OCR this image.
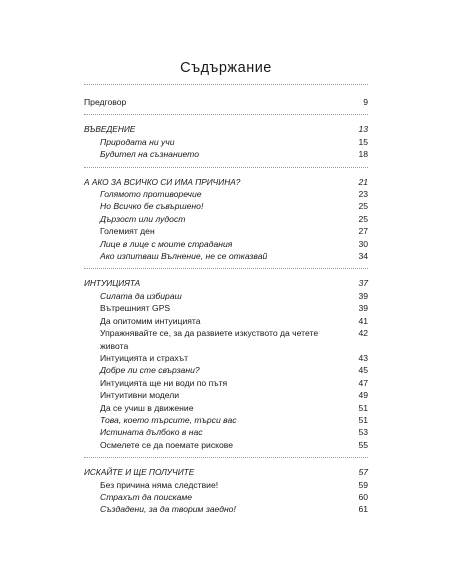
Съдържание
Предговор	9
ВЪВЕДЕНИЕ	13
Природата ни учи	15
Будител на съзнанието	18
А АКО ЗА ВСИЧКО СИ ИМА ПРИЧИНА?	21
Голямото противоречие	23
Но Всичко бе съвършено!	25
Дързост или лудост	25
Големият ден	27
Лице в лице с моите страдания	30
Ако изпитваш Вълнение, не се отказвай	34
ИНТУИЦИЯТА	37
Силата да избираш	39
Вътрешният GPS	39
Да опитомим интуицията	41
Упражнявайте се, за да развиете изкуството да четете живота
42
Интуицията и страхът	43
Добре ли сте свързани?	45
Интуицията ще ни води по пътя	47
Интуитивни модели	49
Да се учиш в движение	51
Това, което търсите, търси вас	51
Истината дълбоко в нас	53
Осмелете се да поемате рискове	55
ИСКАЙТЕ И ЩЕ ПОЛУЧИТЕ	57
Без причина няма следствие!	59
Страхът да поискаме	60
Създадени, за да творим заедно!	61
